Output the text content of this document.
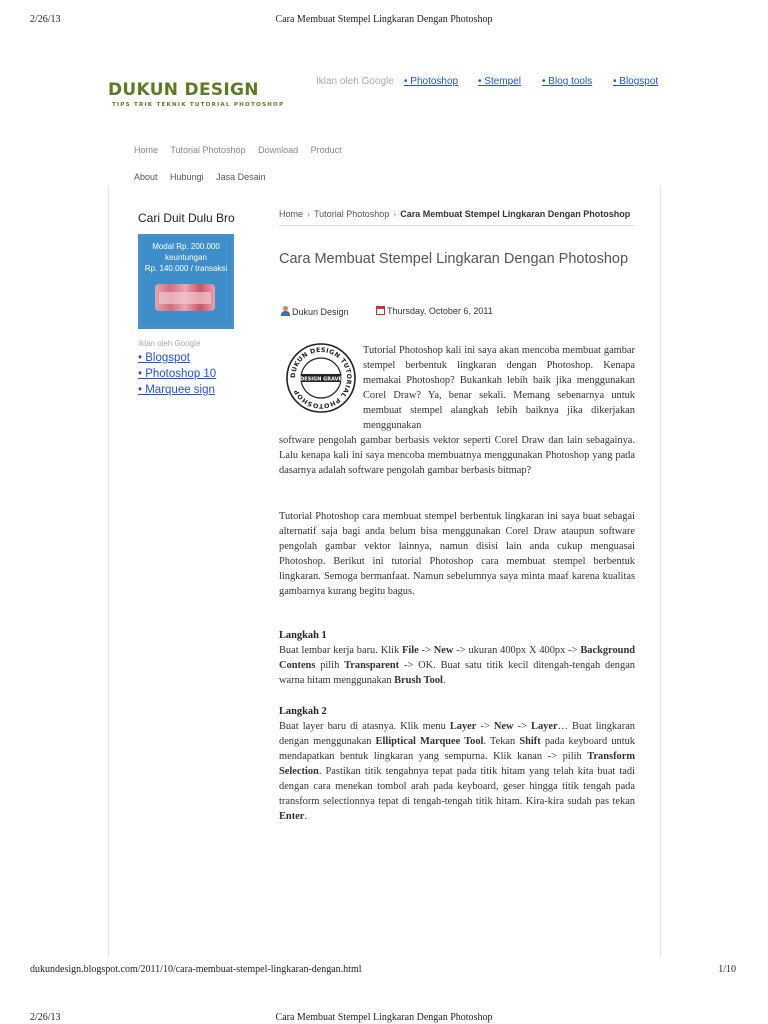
2/26/13	Cara Membuat Stempel Lingkaran Dengan Photoshop
DUKUN DESIGN
TIPS TRIK TEKNIK TUTORIAL PHOTOSHOP
Iklan oleh Google • Photoshop • Stempel • Blog tools • Blogspot
Home Tutorial Photoshop Download Product
About Hubungi Jasa Desain
Cari Duit Dulu Bro
Modal Rp. 200.000
keuntungan
Rp. 140.000 / transaksi
Iklan oleh Google
• Blogspot
• Photoshop 10
• Marquee sign
Home › Tutorial Photoshop › Cara Membuat Stempel Lingkaran Dengan Photoshop
Cara Membuat Stempel Lingkaran Dengan Photoshop
Dukun Design	Thursday, October 6, 2011
DUKUN DESIGN TUTORIAL PHOTOSHOP
DESIGN GRAVE
Tutorial Photoshop kali ini saya akan mencoba membuat gambar stempel berbentuk lingkaran dengan Photoshop. Kenapa memakai Photoshop? Bukankah lebih baik jika menggunakan Corel Draw? Ya, benar sekali. Memang sebenarnya untuk membuat stempel alangkah lebih baiknya jika dikerjakan menggunakan
software pengolah gambar berbasis vektor seperti Corel Draw dan lain sebagainya. Lalu kenapa kali ini saya mencoba membuatnya menggunakan Photoshop yang pada dasarnya adalah software pengolah gambar berbasis bitmap?
Tutorial Photoshop cara membuat stempel berbentuk lingkaran ini saya buat sebagai alternatif saja bagi anda belum bisa menggunakan Corel Draw ataupun software pengolah gambar vektor lainnya, namun disisi lain anda cukup menguasai Photoshop. Berikut ini tutorial Photoshop cara membuat stempel berbentuk lingkaran. Semoga bermanfaat. Namun sebelumnya saya minta maaf karena kualitas gambarnya kurang begitu bagus.
Langkah 1
Buat lembar kerja baru. Klik File -> New -> ukuran 400px X 400px -> Background Contens pilih Transparent -> OK. Buat satu titik kecil ditengah-tengah dengan warna hitam menggunakan Brush Tool.
Langkah 2
Buat layer baru di atasnya. Klik menu Layer -> New -> Layer… Buat lingkaran dengan menggunakan Elliptical Marquee Tool. Tekan Shift pada keyboard untuk mendapatkan bentuk lingkaran yang sempurna. Klik kanan -> pilih Transform Selection. Pastikan titik tengahnya tepat pada titik hitam yang telah kita buat tadi dengan cara menekan tombol arah pada keyboard, geser hingga titik tengah pada transform selectionnya tepat di tengah-tengah titik hitam. Kira-kira sudah pas tekan Enter.
dukundesign.blogspot.com/2011/10/cara-membuat-stempel-lingkaran-dengan.html	1/10
2/26/13	Cara Membuat Stempel Lingkaran Dengan Photoshop
